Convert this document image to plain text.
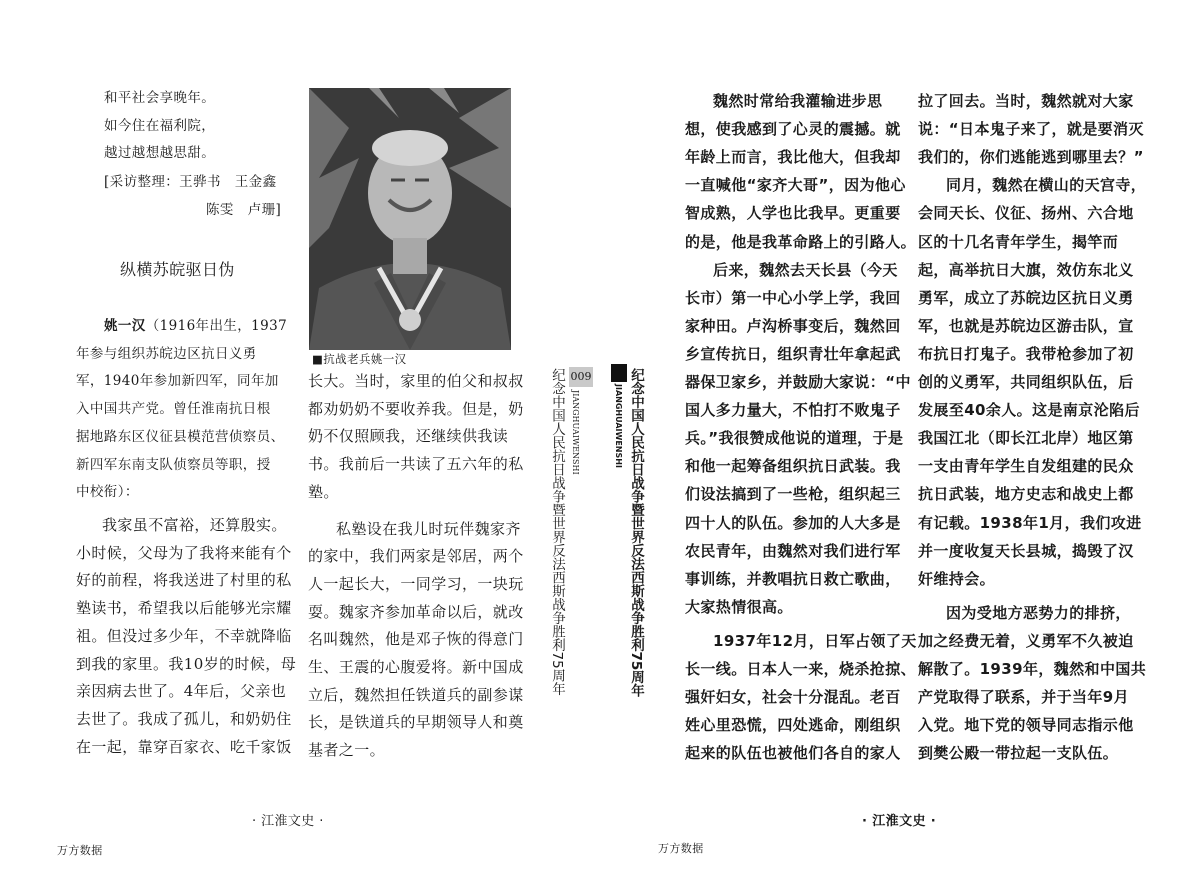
和平社会享晚年。
如今住在福利院，
越过越想越思甜。
[采访整理：王骅书　王金鑫
陈雯　卢珊]
纵横苏皖驱日伪
姚一汉（1916年出生，1937
年参与组织苏皖边区抗日义勇
军，1940年参加新四军，同年加
入中国共产党。曾任淮南抗日根
据地路东区仪征县模范营侦察员、
新四军东南支队侦察员等职，授
中校衔）：
我家虽不富裕，还算殷实。
小时候，父母为了我将来能有个
好的前程，将我送进了村里的私
塾读书，希望我以后能够光宗耀
祖。但没过多少年，不幸就降临
到我的家里。我10岁的时候，母
亲因病去世了。4年后，父亲也
去世了。我成了孤儿，和奶奶住
在一起，靠穿百家衣、吃千家饭
■抗战老兵姚一汉
长大。当时，家里的伯父和叔叔
都劝奶奶不要收养我。但是，奶
奶不仅照顾我，还继续供我读
书。我前后一共读了五六年的私
塾。
私塾设在我儿时玩伴魏家齐
的家中，我们两家是邻居，两个
人一起长大，一同学习，一块玩
耍。魏家齐参加革命以后，就改
名叫魏然，他是邓子恢的得意门
生、王震的心腹爱将。新中国成
立后，魏然担任铁道兵的副参谋
长，是铁道兵的早期领导人和奠
基者之一。
· 江淮文史 ·
万方数据
009
纪念中国人民抗日战争暨世界反法西斯战争胜利75周年 JIANGHUAIWENSHI	纪念中国人民抗日战争暨世界反法西斯战争胜利75周年
JIANGHUAIWENSHI
魏然时常给我灌输进步思
想，使我感到了心灵的震撼。就
年龄上而言，我比他大，但我却
一直喊他“家齐大哥”，因为他心
智成熟，人学也比我早。更重要
的是，他是我革命路上的引路人。
后来，魏然去天长县（今天
长市）第一中心小学上学，我回
家种田。卢沟桥事变后，魏然回
乡宣传抗日，组织青壮年拿起武
器保卫家乡，并鼓励大家说：“中
国人多力量大，不怕打不败鬼子
兵。”我很赞成他说的道理，于是
和他一起筹备组织抗日武装。我
们设法搞到了一些枪，组织起三
四十人的队伍。参加的人大多是
农民青年，由魏然对我们进行军
事训练，并教唱抗日救亡歌曲，
大家热情很高。
1937年12月，日军占领了天
长一线。日本人一来，烧杀抢掠、
强奸妇女，社会十分混乱。老百
姓心里恐慌，四处逃命，刚组织
起来的队伍也被他们各自的家人
拉了回去。当时，魏然就对大家
说：“日本鬼子来了，就是要消灭
我们的，你们逃能逃到哪里去？”
同月，魏然在横山的天宫寺，
会同天长、仪征、扬州、六合地
区的十几名青年学生，揭竿而
起，高举抗日大旗，效仿东北义
勇军，成立了苏皖边区抗日义勇
军，也就是苏皖边区游击队，宣
布抗日打鬼子。我带枪参加了初
创的义勇军，共同组织队伍，后
发展至40余人。这是南京沦陷后
我国江北（即长江北岸）地区第
一支由青年学生自发组建的民众
抗日武装，地方史志和战史上都
有记载。1938年1月，我们攻进
并一度收复天长县城，捣毁了汉
奸维持会。
因为受地方恶势力的排挤，
加之经费无着，义勇军不久被迫
解散了。1939年，魏然和中国共
产党取得了联系，并于当年9月
入党。地下党的领导同志指示他
到樊公殿一带拉起一支队伍。
· 江淮文史 ·
万方数据
